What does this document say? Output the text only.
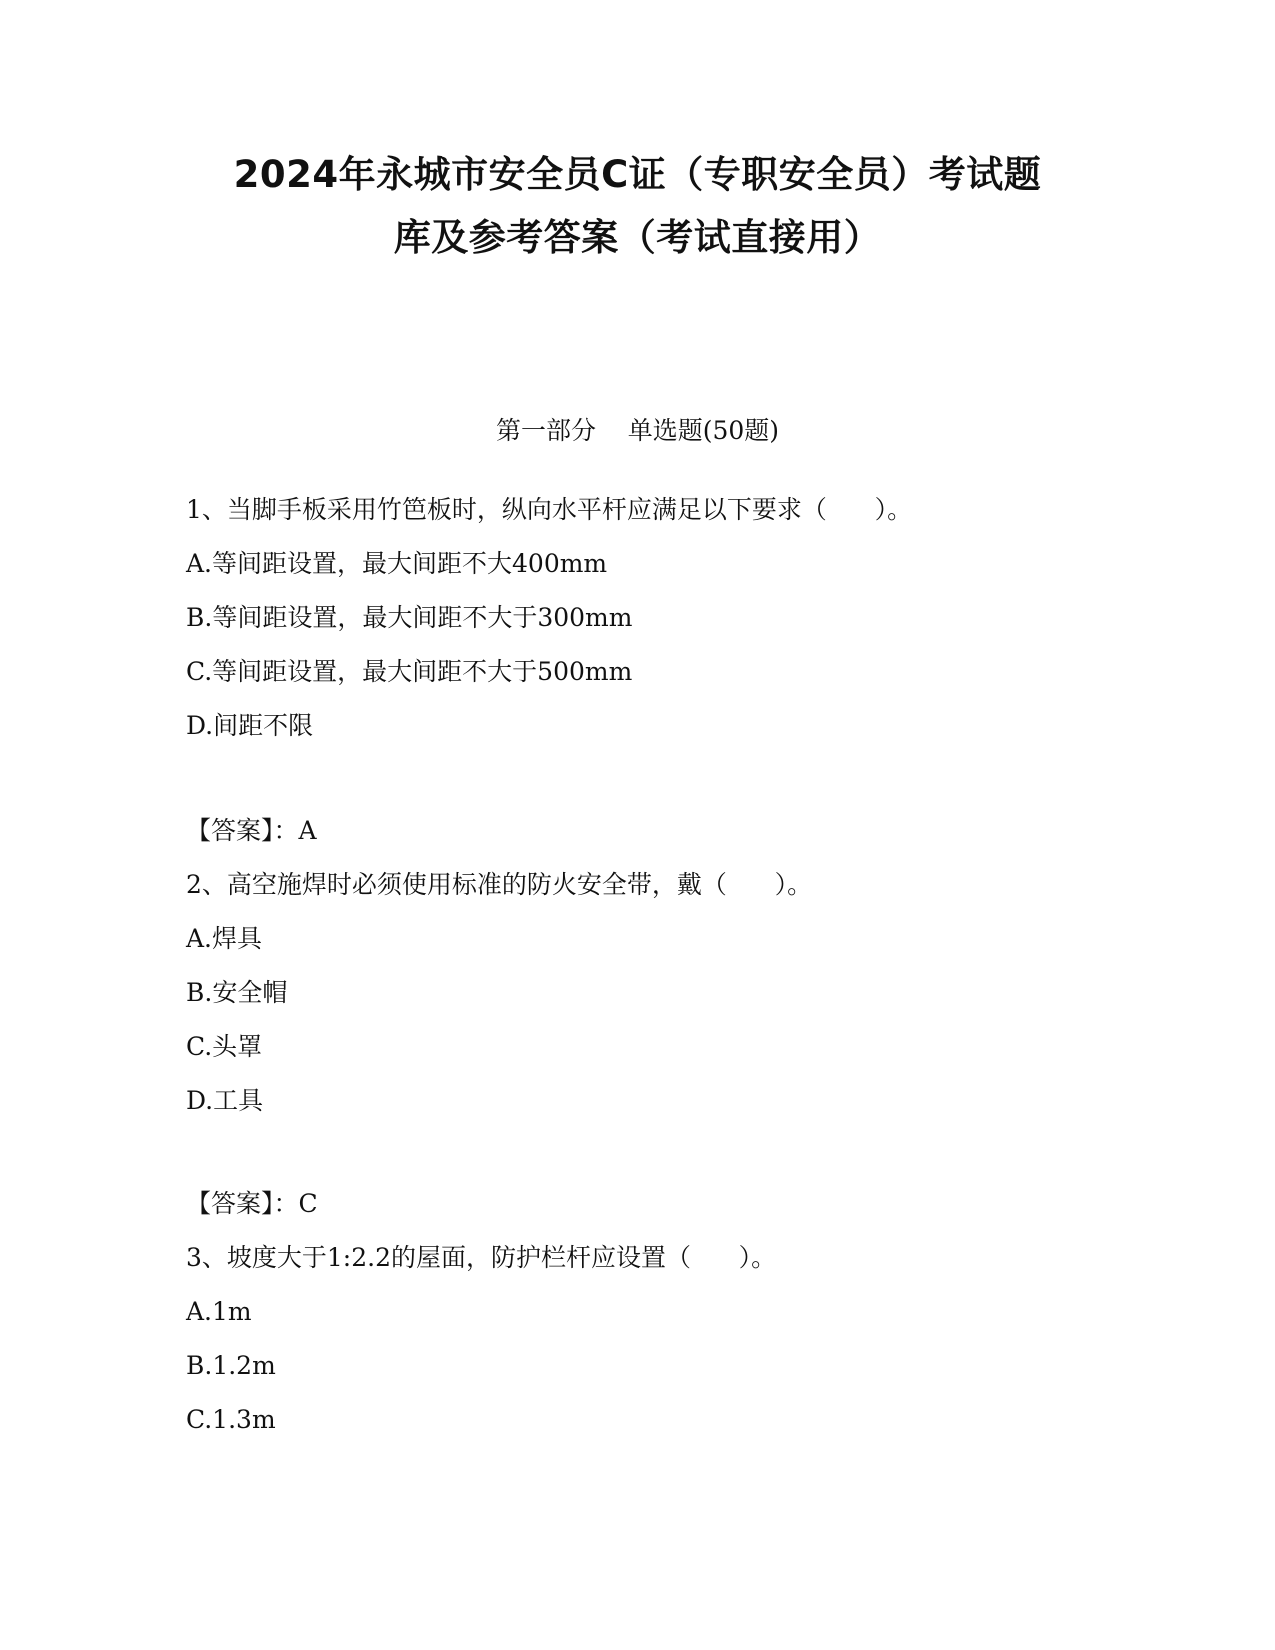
2024年永城市安全员C证（专职安全员）考试题
库及参考答案（考试直接用）
第一部分    单选题(50题)
1、当脚手板采用竹笆板时，纵向水平杆应满足以下要求（      ）。
A.等间距设置，最大间距不大400mm
B.等间距设置，最大间距不大于300mm
C.等间距设置，最大间距不大于500mm
D.间距不限
【答案】：A
2、高空施焊时必须使用标准的防火安全带，戴（      ）。
A.焊具
B.安全帽
C.头罩
D.工具
【答案】：C
3、坡度大于1:2.2的屋面，防护栏杆应设置（      ）。
A.1m
B.1.2m
C.1.3m
